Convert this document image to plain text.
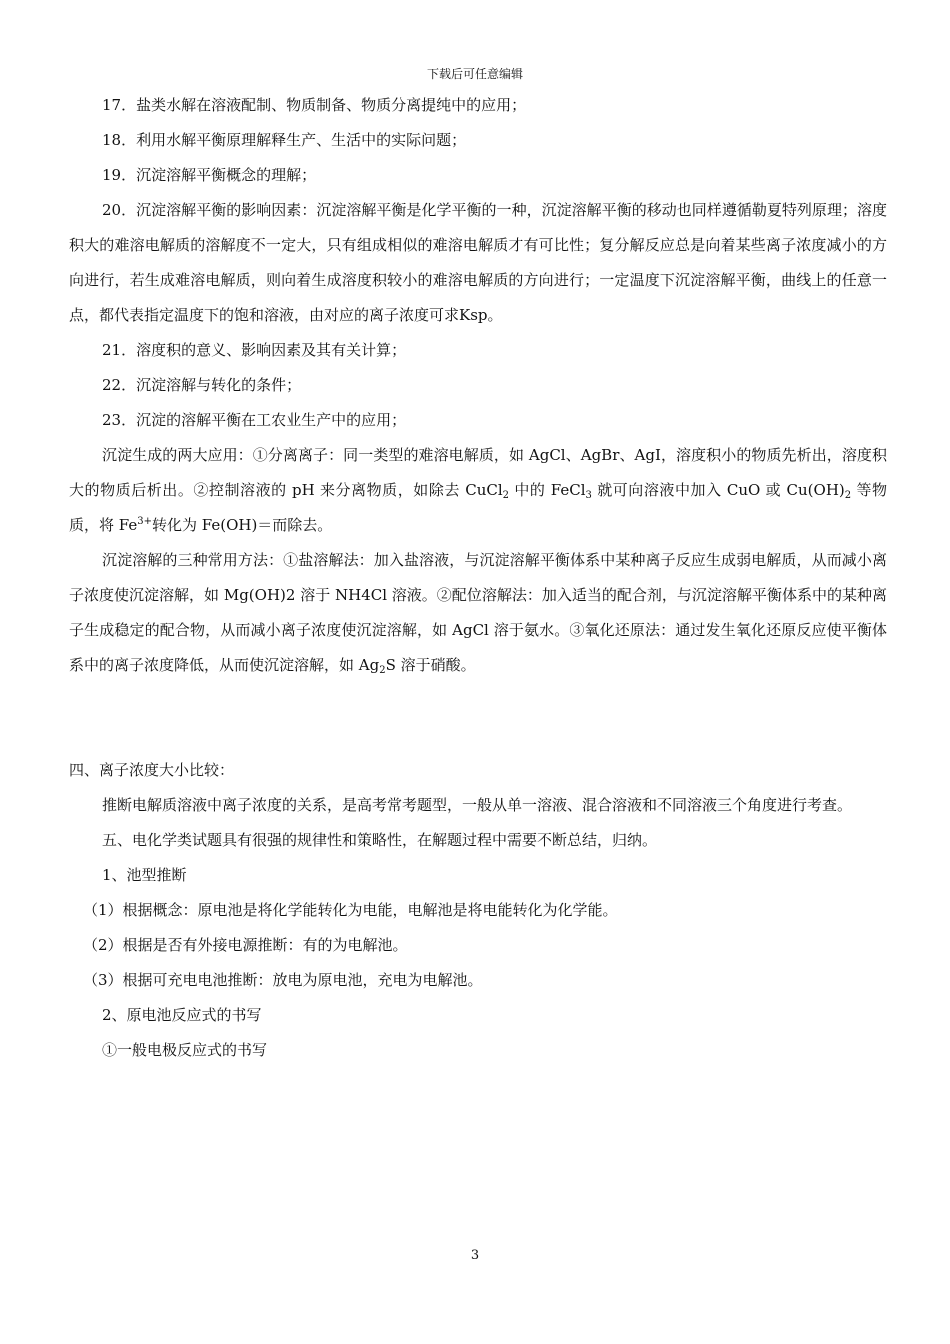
下载后可任意编辑

17．盐类水解在溶液配制、物质制备、物质分离提纯中的应用；

18．利用水解平衡原理解释生产、生活中的实际问题；

19．沉淀溶解平衡概念的理解；

20．沉淀溶解平衡的影响因素：沉淀溶解平衡是化学平衡的一种，沉淀溶解平衡的移动也同样遵循勒夏特列原理；溶度积大的难溶电解质的溶解度不一定大，只有组成相似的难溶电解质才有可比性；复分解反应总是向着某些离子浓度减小的方向进行，若生成难溶电解质，则向着生成溶度积较小的难溶电解质的方向进行；一定温度下沉淀溶解平衡，曲线上的任意一点，都代表指定温度下的饱和溶液，由对应的离子浓度可求Ksp。

21．溶度积的意义、影响因素及其有关计算；

22．沉淀溶解与转化的条件；

23．沉淀的溶解平衡在工农业生产中的应用；

沉淀生成的两大应用：①分离离子：同一类型的难溶电解质，如 AgCl、AgBr、AgI，溶度积小的物质先析出，溶度积大的物质后析出。②控制溶液的 pH 来分离物质，如除去 CuCl$_2$ 中的 FeCl$_3$ 就可向溶液中加入 CuO 或 $Cu(OH)_2$ 等物质，将 $Fe^{3+}$转化为 Fe(OH)＝而除去。

沉淀溶解的三种常用方法：①盐溶解法：加入盐溶液，与沉淀溶解平衡体系中某种离子反应生成弱电解质，从而减小离子浓度使沉淀溶解，如 Mg(OH)2 溶于 NH4Cl 溶液。②配位溶解法：加入适当的配合剂，与沉淀溶解平衡体系中的某种离子生成稳定的配合物，从而减小离子浓度使沉淀溶解，如 AgCl 溶于氨水。③氧化还原法：通过发生氧化还原反应使平衡体系中的离子浓度降低，从而使沉淀溶解，如 $Ag_2S$ 溶于硝酸。

四、离子浓度大小比较：

推断电解质溶液中离子浓度的关系，是高考常考题型，一般从单一溶液、混合溶液和不同溶液三个角度进行考查。

五、电化学类试题具有很强的规律性和策略性，在解题过程中需要不断总结，归纳。

1、池型推断

（1）根据概念：原电池是将化学能转化为电能，电解池是将电能转化为化学能。

（2）根据是否有外接电源推断：有的为电解池。

（3）根据可充电电池推断：放电为原电池，充电为电解池。

2、原电池反应式的书写

①一般电极反应式的书写

3
